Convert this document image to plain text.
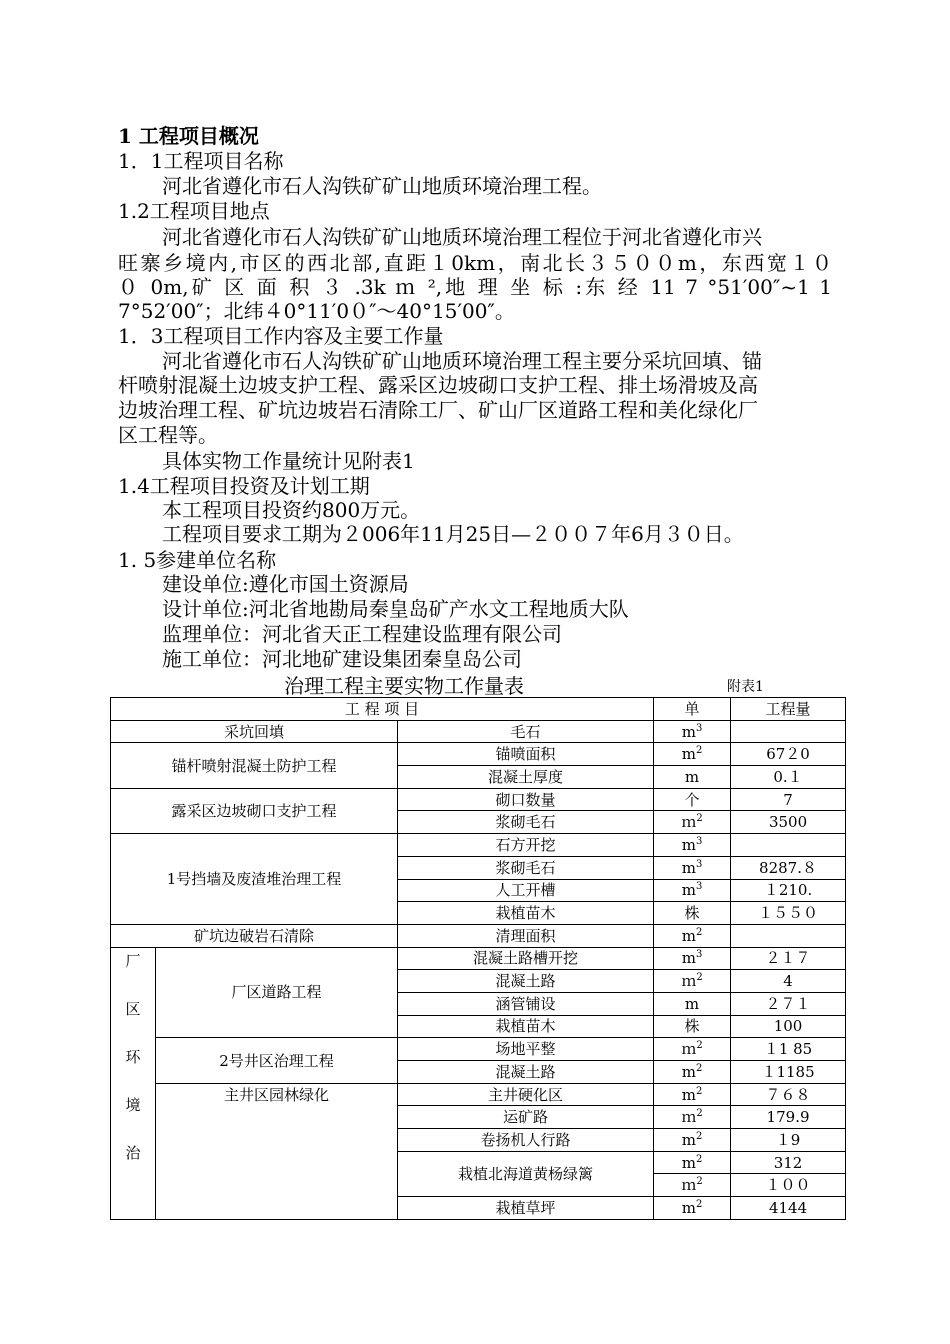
1 工程项目概况
1．1工程项目名称
河北省遵化市石人沟铁矿矿山地质环境治理工程。
1.2工程项目地点
河北省遵化市石人沟铁矿矿山地质环境治理工程位于河北省遵化市兴
旺寨乡境内,市区的西北部,直距１0km，南北长３５００m，东西宽１０
０ 0m,矿 区 面 积 ３ .3k ｍ ²,地 理 坐 标 :东 经 11 7 °51′00″~1 1
7°52′00″；北纬４0°11′0０″～40°15′00″。
1．3工程项目工作内容及主要工作量
河北省遵化市石人沟铁矿矿山地质环境治理工程主要分采坑回填、锚
杆喷射混凝土边坡支护工程、露采区边坡砌口支护工程、排土场滑坡及高
边坡治理工程、矿坑边坡岩石清除工厂、矿山厂区道路工程和美化绿化厂
区工程等。
具体实物工作量统计见附表1
1.4工程项目投资及计划工期
本工程项目投资约800万元。
工程项目要求工期为２006年11月25日—２００７年6月３０日。
1. 5参建单位名称
建设单位:遵化市国土资源局
设计单位:河北省地勘局秦皇岛矿产水文工程地质大队
监理单位：河北省天正工程建设监理有限公司
施工单位：河北地矿建设集团秦皇岛公司
治理工程主要实物工作量表	附表1
工 程 项 目			单	工程量
采坑回填		毛石	$m^3$	
锚杆喷射混凝土防护工程		锚喷面积	$m^2$	67２0
		混凝土厚度	m	0.１
露采区边坡砌口支护工程		砌口数量	个	7
		浆砌毛石	ｍ$^2$	3500
1号挡墙及废渣堆治理工程		石方开挖	$m^3$	
		浆砌毛石	$m^3$	8287.８
		人工开槽	$m^3$	１210.
		栽植苗木	株	１５５０
矿坑边破岩石清除		清理面积	$m^2$	

厂
区
环
境
治	厂区道路工程	混凝土路槽开挖	$m^3$	２１７
		混凝土路	ｍ$^2$	4
		涵管铺设	m	２７１
		栽植苗木	株	100
	2号井区治理工程	场地平整	ｍ$^2$	１1 85
		混凝土路	$m^2$	１1185
	主井区园林绿化	主井硬化区	$m^2$	７６８
		运矿路	ｍ$^2$	179.9
		卷扬机人行路	$m^2$	１9
		栽植北海道黄杨绿篱	$m^2$	312
			ｍ$^2$	１００
		栽植草坪	$m^2$	4144
